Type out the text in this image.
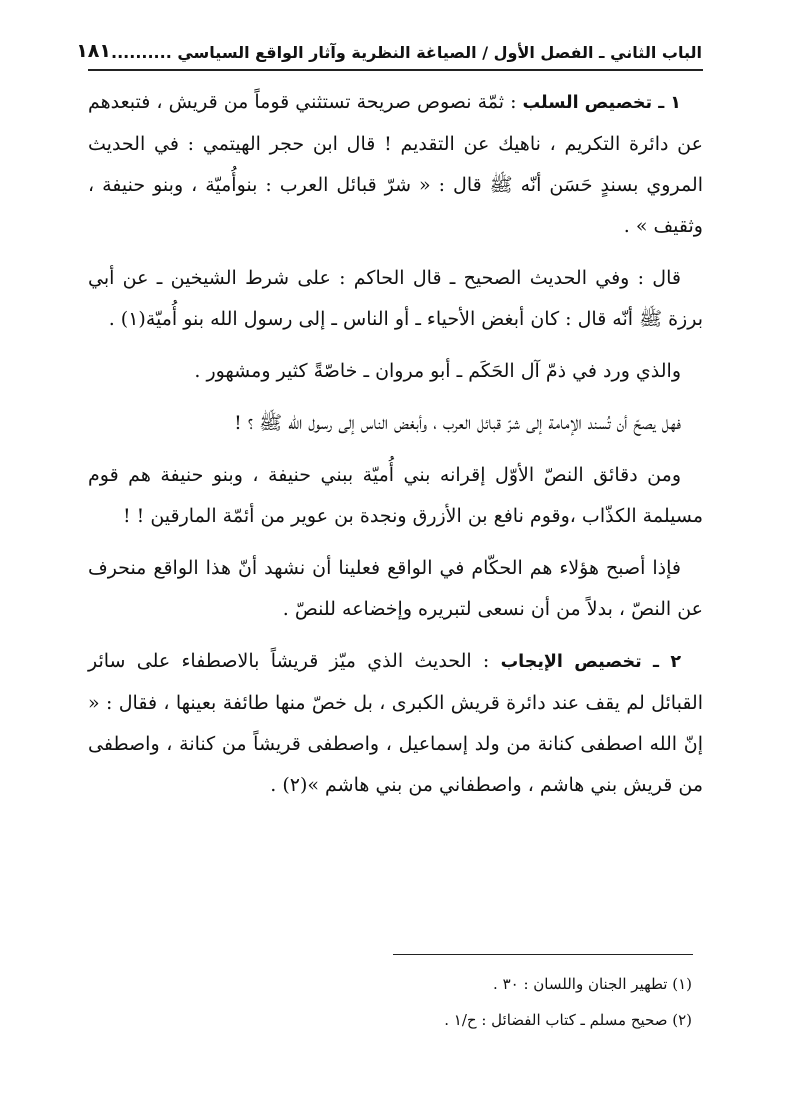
الباب الثاني ـ الفصل الأول / الصياغة النظرية وآثار الواقع السياسي ..........
١٨١

١ ـ تخصيص السلب : ثمّة نصوص صريحة تستثني قوماً من قريش ، فتبعدهم عن دائرة التكريم ، ناهيك عن التقديم ! قال ابن حجر الهيتمي : في الحديث المروي بسندٍ حَسَن أنّه ﷺ قال : « شرّ قبائل العرب : بنوأُميّة ، وبنو حنيفة ، وثقيف » .

قال : وفي الحديث الصحيح ـ قال الحاكم : على شرط الشيخين ـ عن أبي برزة ﷺ أنّه قال : كان أبغض الأحياء ـ أو الناس ـ إلى رسول الله بنو أُميّة(١) .

والذي ورد في ذمّ آل الحَكَم ـ أبو مروان ـ خاصّةً كثير ومشهور .

فهل يصحّ أن تُسند الإمامة إلى شرّ قبائل العرب ، وأبغض الناس إلى رسول الله ﷺ ؟ !

ومن دقائق النصّ الأوّل إقرانه بني أُميّة ببني حنيفة ، وبنو حنيفة هم قوم مسيلمة الكذّاب ،وقوم نافع بن الأزرق ونجدة بن عوير من أئمّة المارقين ! !

فإذا أصبح هؤلاء هم الحكّام في الواقع فعلينا أن نشهد أنّ هذا الواقع منحرف عن النصّ ، بدلاً من أن نسعى لتبريره وإخضاعه للنصّ .

٢ ـ تخصيص الإيجاب : الحديث الذي ميّز قريشاً بالاصطفاء على سائر القبائل لم يقف عند دائرة قريش الكبرى ، بل خصّ منها طائفة بعينها ، فقال : « إنّ الله اصطفى كنانة من ولد إسماعيل ، واصطفى قريشاً من كنانة ، واصطفى من قريش بني هاشم ، واصطفاني من بني هاشم »(٢) .

(١) تطهير الجنان واللسان : ٣٠ .
(٢) صحيح مسلم ـ كتاب الفضائل : ح/١ .
